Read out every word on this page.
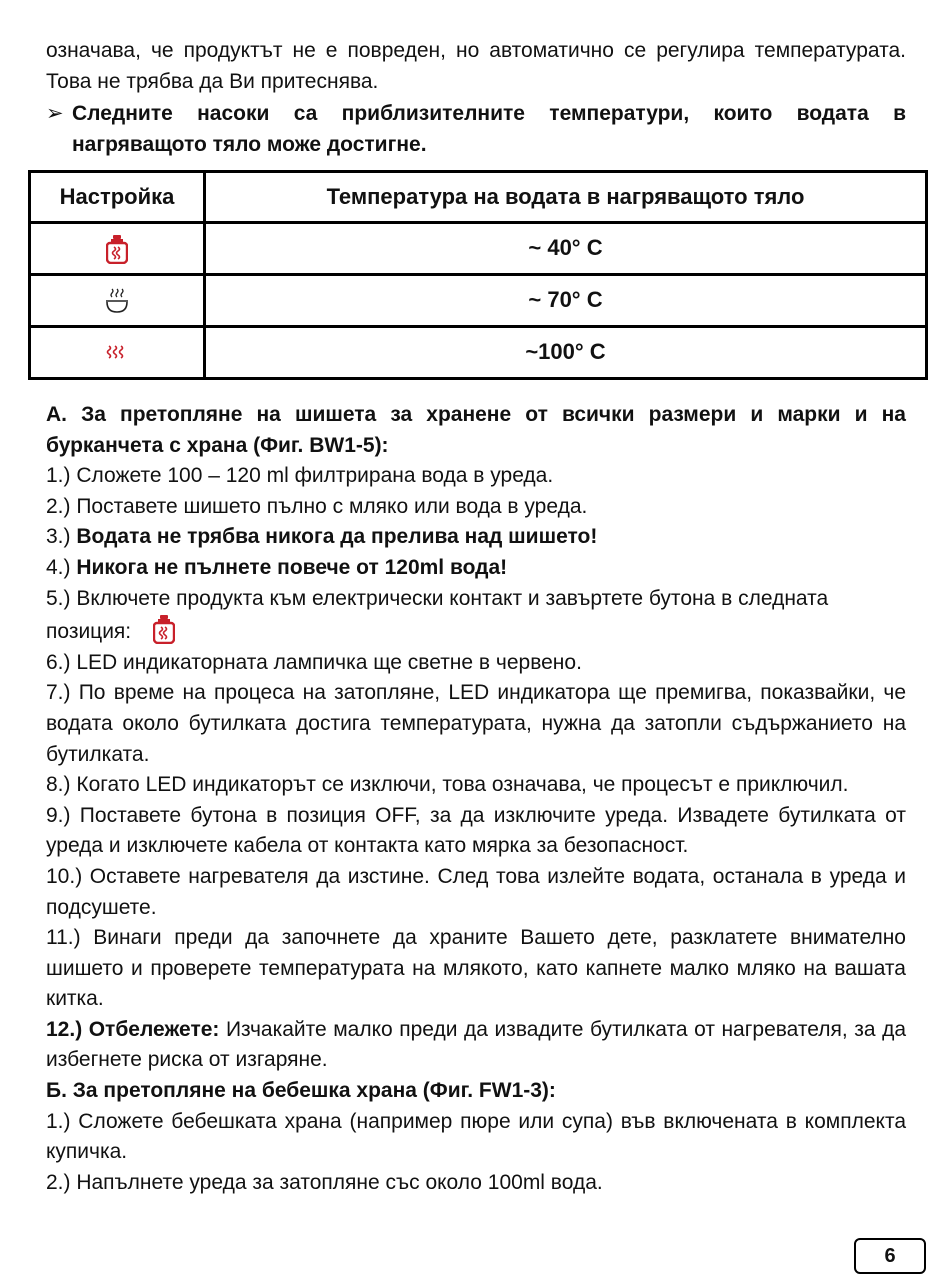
означава, че продуктът не е повреден, но автоматично се регулира температурата. Това не трябва да Ви притеснява.

➢ Следните насоки са приблизителните температури, които водата в нагряващото тяло може достигне.

Настройка	Температура на водата в нагряващото тяло
	~ 40° C
	~ 70° C
	~100° C

А. За претопляне на шишета за хранене от всички размери и марки и на бурканчета с храна (Фиг. BW1-5):

1.) Сложете 100 – 120 ml филтрирана вода в уреда.

2.) Поставете шишето пълно с мляко или вода в уреда.

3.) Водата не трябва никога да прелива над шишето!

4.) Никога не пълнете повече от 120ml вода!

5.) Включете продукта към електрически контакт и завъртете бутона в следната позиция:

6.) LED индикаторната лампичка ще светне в червено.

7.) По време на процеса на затопляне, LED индикатора ще премигва, показвайки, че водата около бутилката достига температурата, нужна да затопли съдържанието на бутилката.

8.) Когато LED индикаторът се изключи, това означава, че процесът е приключил.

9.) Поставете бутона в позиция OFF, за да изключите уреда. Извадете бутилката от уреда и изключете кабела от контакта като мярка за безопасност.

10.) Оставете нагревателя да изстине. След това излейте водата, останала в уреда и подсушете.

11.) Винаги преди да започнете да храните Вашето дете, разклатете внимателно шишето и проверете температурата на млякото, като капнете малко мляко на вашата китка.

12.) Отбележете: Изчакайте малко преди да извадите бутилката от нагревателя, за да избегнете риска от изгаряне.

Б. За претопляне на бебешка храна (Фиг. FW1-3):

1.) Сложете бебешката храна (например пюре или супа) във включената в комплекта купичка.

2.) Напълнете уреда за затопляне със около 100ml вода.

6
